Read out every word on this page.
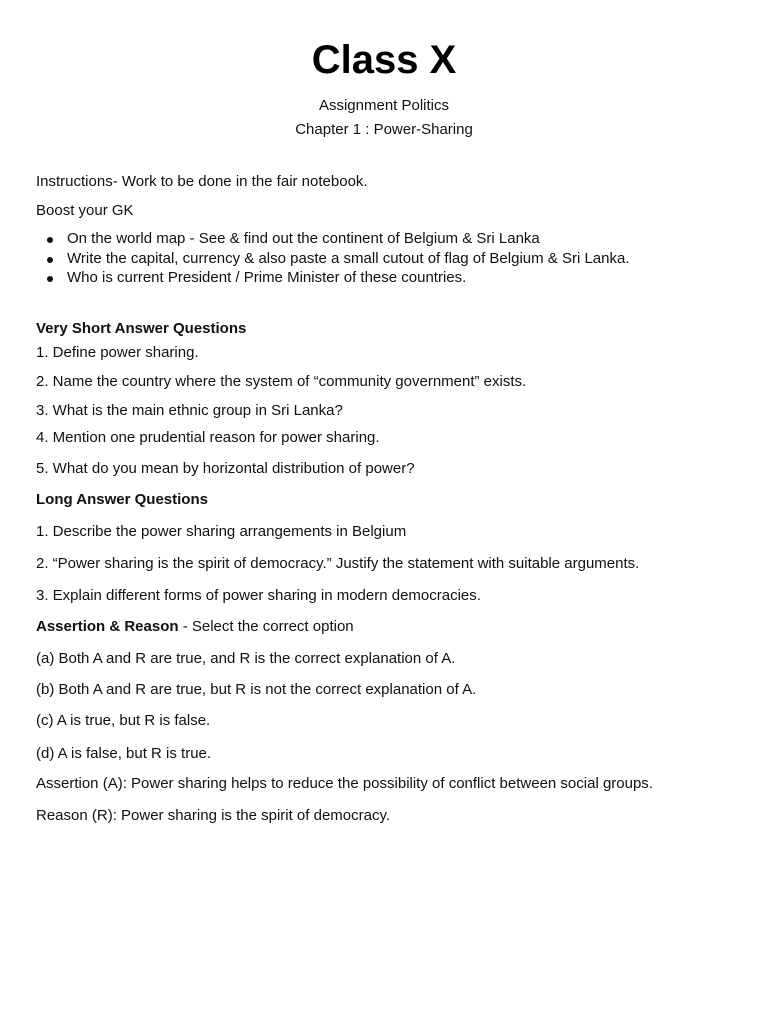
Class X
Assignment Politics
Chapter 1 : Power-Sharing
Instructions- Work to be done in the fair notebook.
Boost your GK
On the world map - See & find out the continent of Belgium & Sri Lanka
Write the capital, currency & also paste a small cutout of flag of Belgium & Sri Lanka.
Who is current President / Prime Minister of these countries.
Very Short Answer Questions
1. Define power sharing.
2. Name the country where the system of “community government” exists.
3. What is the main ethnic group in Sri Lanka?
4. Mention one prudential reason for power sharing.
5. What do you mean by horizontal distribution of power?
Long Answer Questions
1. Describe the power sharing arrangements in Belgium
2. “Power sharing is the spirit of democracy.” Justify the statement with suitable arguments.
3. Explain different forms of power sharing in modern democracies.
Assertion & Reason - Select the correct option
(a) Both A and R are true, and R is the correct explanation of A.
(b) Both A and R are true, but R is not the correct explanation of A.
(c) A is true, but R is false.
(d) A is false, but R is true.
Assertion (A): Power sharing helps to reduce the possibility of conflict between social groups.
Reason (R): Power sharing is the spirit of democracy.
